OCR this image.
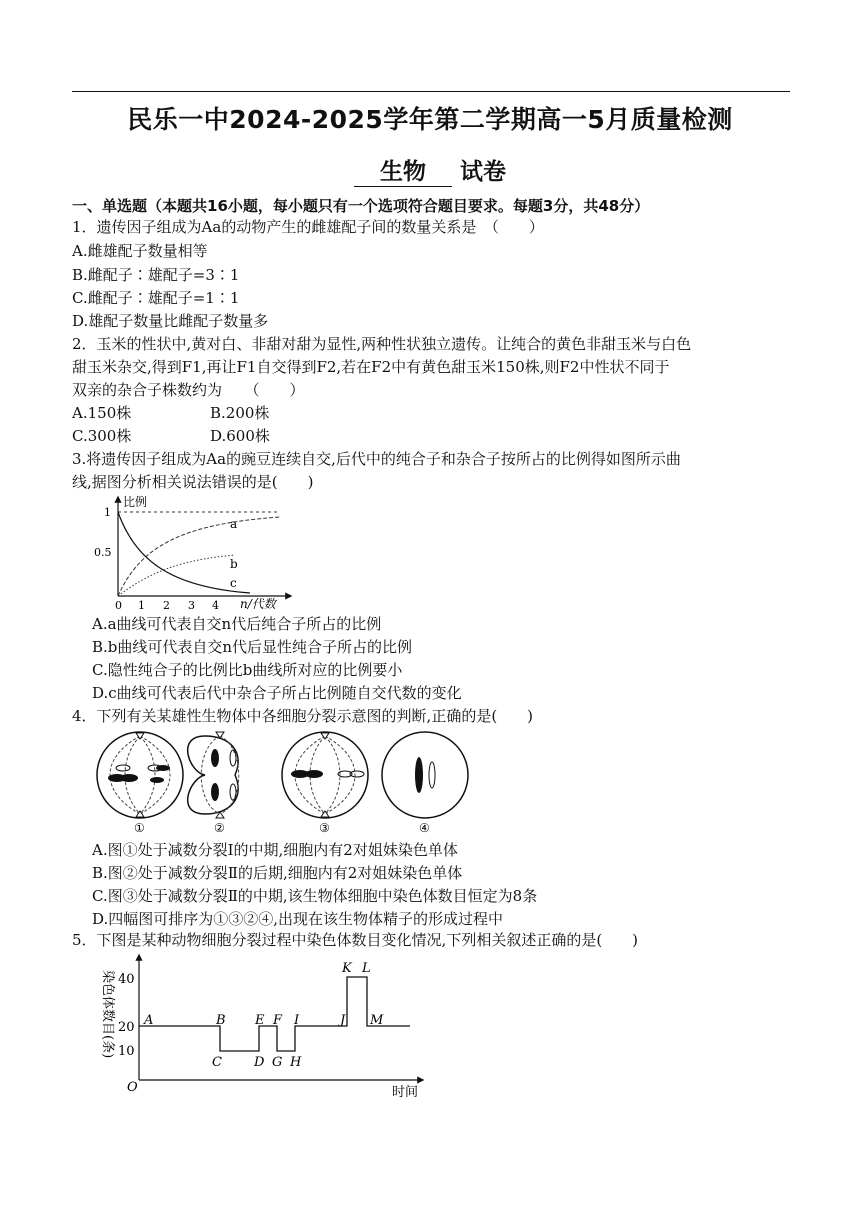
民乐一中2024-2025学年第二学期高一5月质量检测
生物 试卷
一、单选题（本题共16小题，每小题只有一个选项符合题目要求。每题3分，共48分）
1．遗传因子组成为Aa的动物产生的雌雄配子间的数量关系是　（　　）
A.雌雄配子数量相等
B.雌配子∶雄配子=3∶1
C.雌配子∶雄配子=1∶1
D.雄配子数量比雌配子数量多
2．玉米的性状中,黄对白、非甜对甜为显性,两种性状独立遗传。让纯合的黄色非甜玉米与白色
甜玉米杂交,得到F1,再让F1自交得到F2,若在F2中有黄色甜玉米150株,则F2中性状不同于
双亲的杂合子株数约为　　（　　）
A.150株	B.200株
C.300株	D.600株
3.将遗传因子组成为Aa的豌豆连续自交,后代中的纯合子和杂合子按所占的比例得如图所示曲
线,据图分析相关说法错误的是(　　)
比例
n/代数
1
0.5
0 1 2 3 4
a
b
c
A.a曲线可代表自交n代后纯合子所占的比例
B.b曲线可代表自交n代后显性纯合子所占的比例
C.隐性纯合子的比例比b曲线所对应的比例要小
D.c曲线可代表后代中杂合子所占比例随自交代数的变化
4．下列有关某雄性生物体中各细胞分裂示意图的判断,正确的是(　　)
①	②	③	④
A.图①处于减数分裂Ⅰ的中期,细胞内有2对姐妹染色单体
B.图②处于减数分裂Ⅱ的后期,细胞内有2对姐妹染色单体
C.图③处于减数分裂Ⅱ的中期,该生物体细胞中染色体数目恒定为8条
D.四幅图可排序为①③②④,出现在该生物体精子的形成过程中
5．下图是某种动物细胞分裂过程中染色体数目变化情况,下列相关叙述正确的是(　　)
染色体数目(条)
时间
O
40
20
10
A	B
C D
E F
G H
I	J
K L
M
